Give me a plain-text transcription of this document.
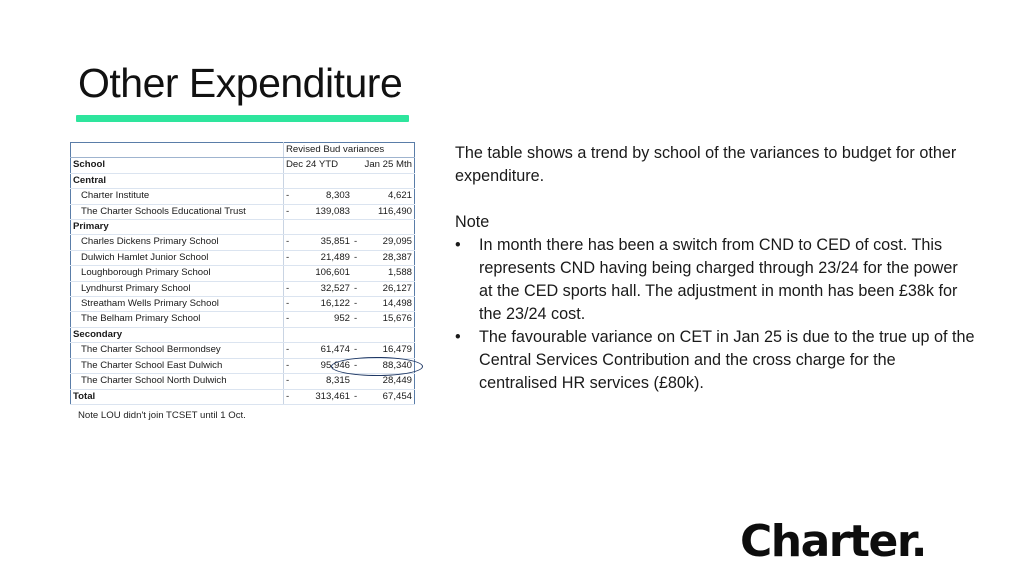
Other Expenditure
	Revised Bud variances			
School	Dec 24 YTD		Jan 25 Mth	
Central				
Charter Institute	-	8,303		4,621
The Charter Schools Educational Trust	-	139,083		116,490
Primary				
Charles Dickens Primary School	-	35,851	-	29,095
Dulwich Hamlet Junior School	-	21,489	-	28,387
Loughborough Primary School		106,601		1,588
Lyndhurst Primary School	-	32,527	-	26,127
Streatham Wells Primary School	-	16,122	-	14,498
The Belham Primary School	-	952	-	15,676
Secondary				
The Charter School Bermondsey	-	61,474	-	16,479
The Charter School East Dulwich	-	95,946	-	88,340
The Charter School North Dulwich	-	8,315		28,449
Total	-	313,461	-	67,454
Note LOU didn't join TCSET until 1 Oct.

The table shows a trend by school of the variances to budget for other expenditure.

Note

• In month there has been a switch from CND to CED of cost. This represents CND having being charged through 23/24 for the power at the CED sports hall. The adjustment in month has been £38k for the 23/24 cost.
• The favourable variance on CET in Jan 25 is due to the true up of the Central Services Contribution and the cross charge for the centralised HR services (£80k).
Charter.
